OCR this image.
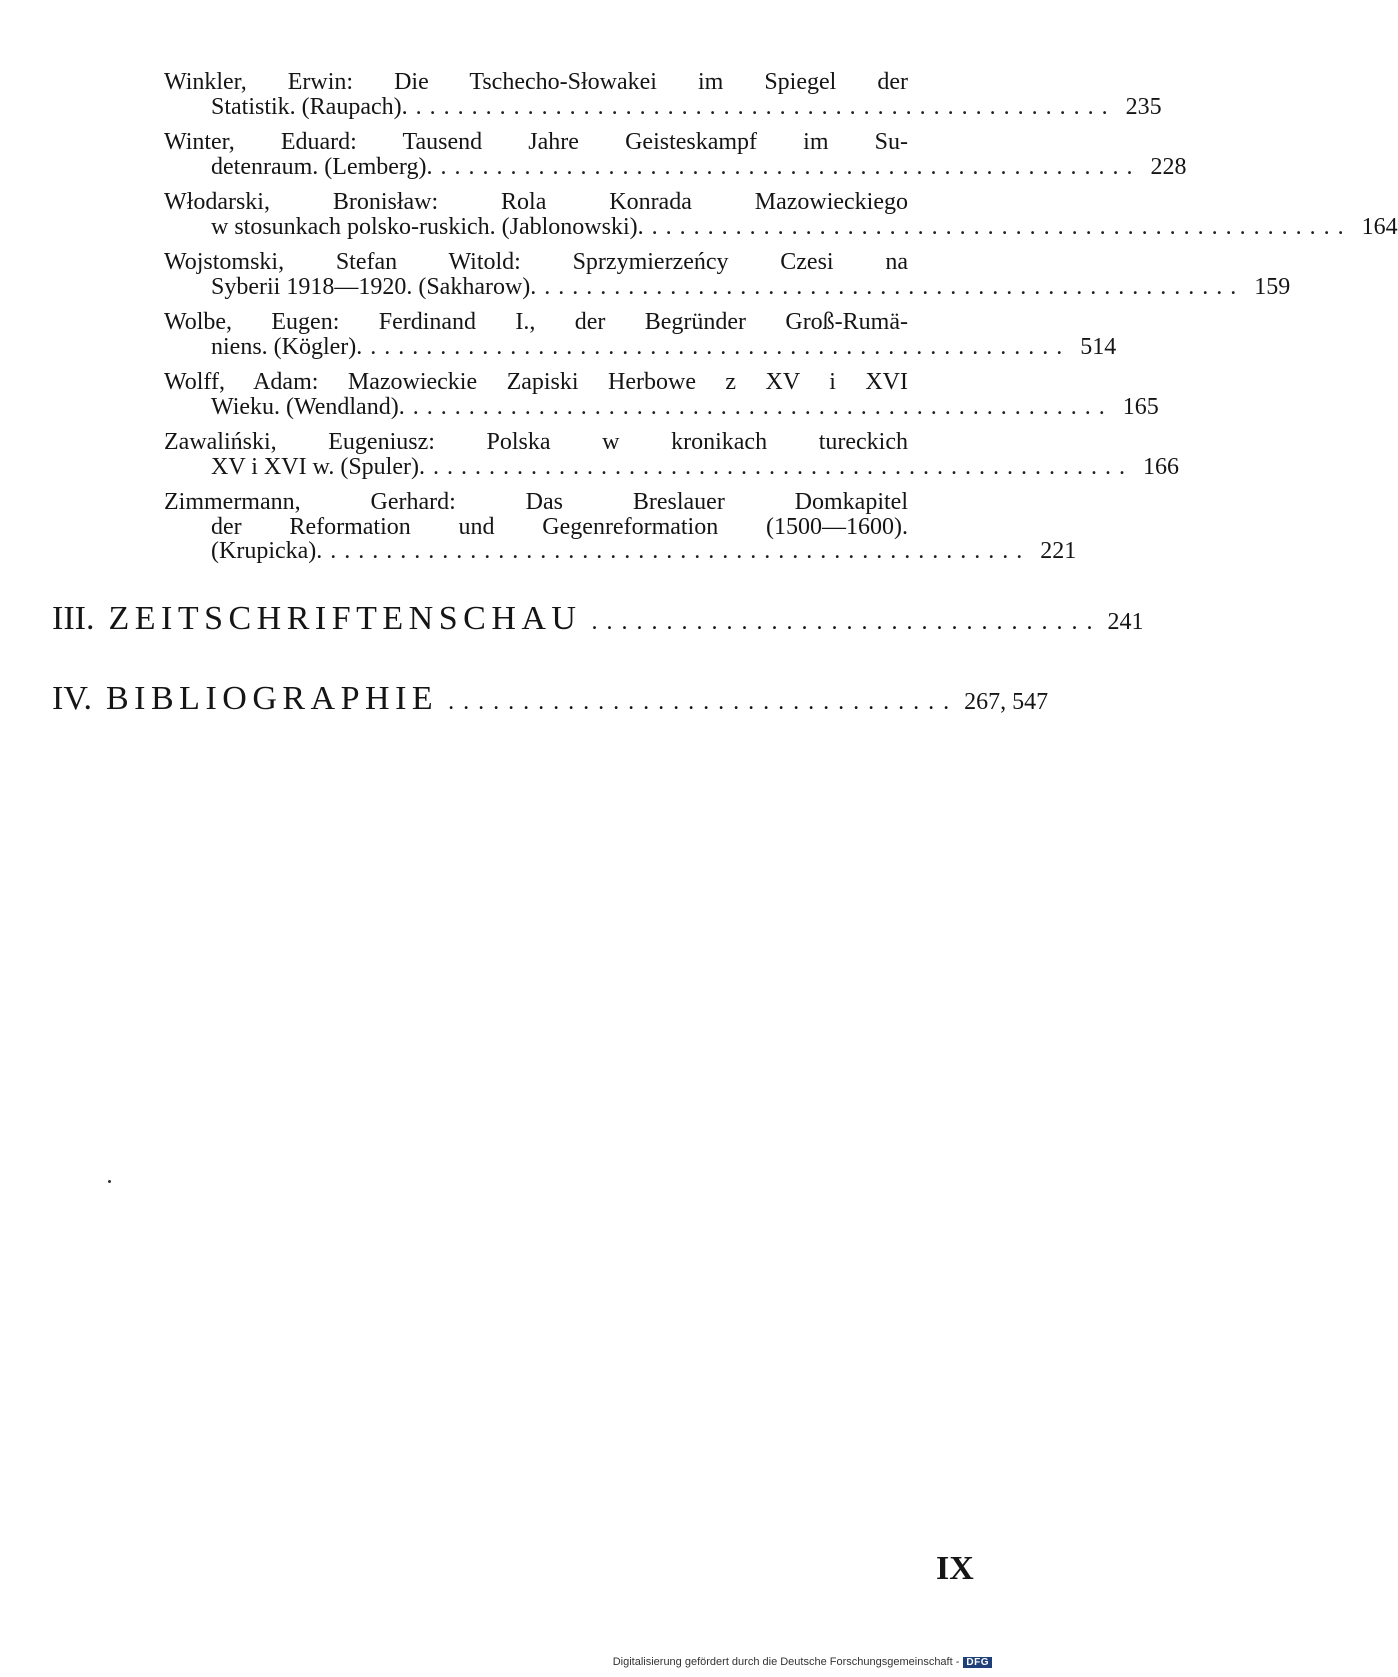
Winkler, Erwin: Die Tschecho-Słowakei im Spiegel der
Statistik. (Raupach). .................................................. 235
Winter, Eduard: Tausend Jahre Geisteskampf im Su-
detenraum. (Lemberg). .................................................. 228
Włodarski, Bronisław: Rola Konrada Mazowieckiego
w stosunkach polsko-ruskich. (Jablonowski). .................................................. 164
Wojstomski, Stefan Witold: Sprzymierzeńcy Czesi na
Syberii 1918—1920. (Sakharow). .................................................. 159
Wolbe, Eugen: Ferdinand I., der Begründer Groß-Rumä-
niens. (Kögler). .................................................. 514
Wolff, Adam: Mazowieckie Zapiski Herbowe z XV i XVI
Wieku. (Wendland). .................................................. 165
Zawaliński, Eugeniusz: Polska w kronikach tureckich
XV i XVI w. (Spuler). .................................................. 166
Zimmermann, Gerhard: Das Breslauer Domkapitel
der Reformation und Gegenreformation (1500—1600).
(Krupicka). .................................................. 221
III. ZEITSCHRIFTENSCHAU .................................. 241
IV. BIBLIOGRAPHIE .................................. 267, 547
IX
Digitalisierung gefördert durch die Deutsche Forschungsgemeinschaft - DFG
